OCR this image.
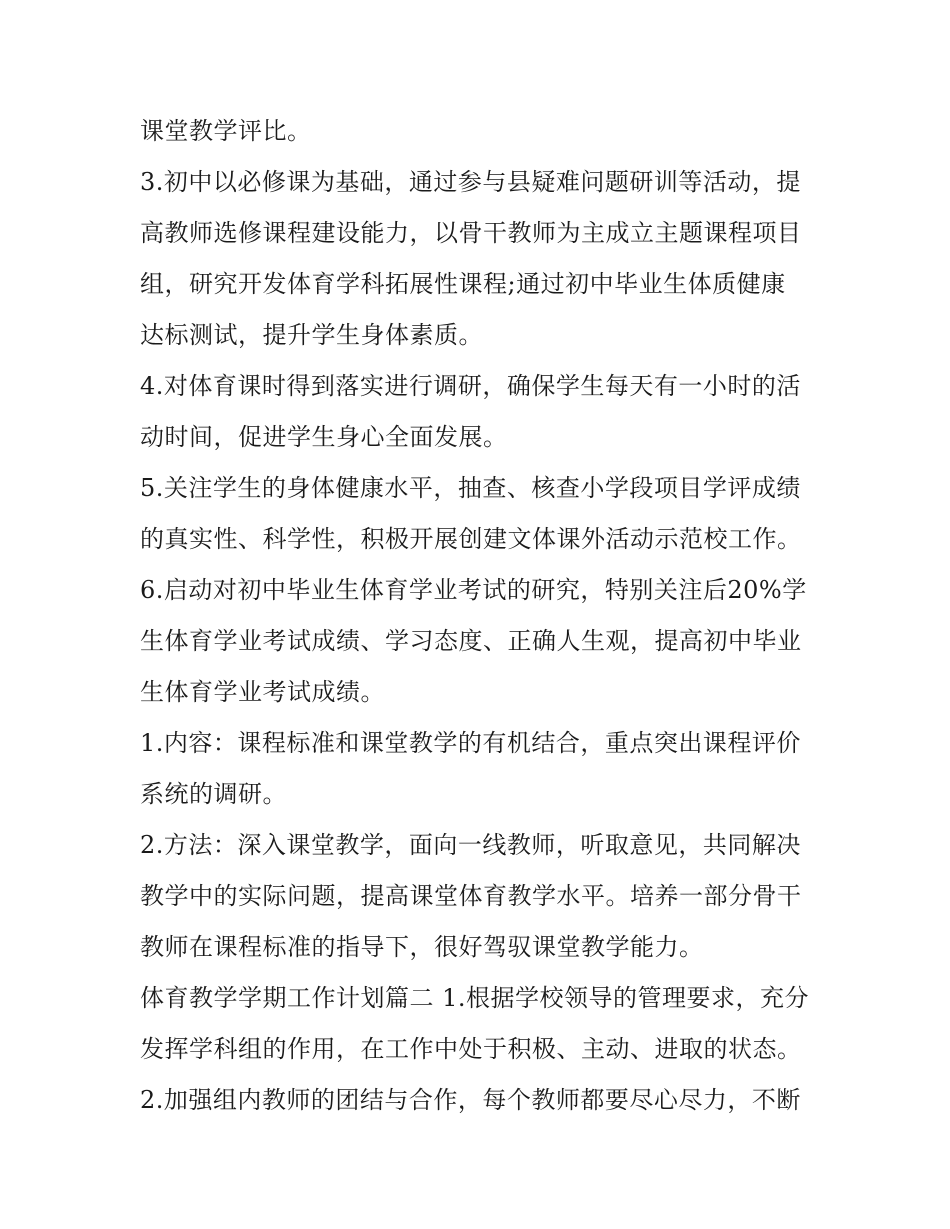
课堂教学评比。
3.初中以必修课为基础，通过参与县疑难问题研训等活动，提
高教师选修课程建设能力，以骨干教师为主成立主题课程项目
组，研究开发体育学科拓展性课程;通过初中毕业生体质健康
达标测试，提升学生身体素质。
4.对体育课时得到落实进行调研，确保学生每天有一小时的活
动时间，促进学生身心全面发展。
5.关注学生的身体健康水平，抽查、核查小学段项目学评成绩
的真实性、科学性，积极开展创建文体课外活动示范校工作。
6.启动对初中毕业生体育学业考试的研究，特别关注后20%学
生体育学业考试成绩、学习态度、正确人生观，提高初中毕业
生体育学业考试成绩。
1.内容：课程标准和课堂教学的有机结合，重点突出课程评价
系统的调研。
2.方法：深入课堂教学，面向一线教师，听取意见，共同解决
教学中的实际问题，提高课堂体育教学水平。培养一部分骨干
教师在课程标准的指导下，很好驾驭课堂教学能力。
体育教学学期工作计划篇二 1.根据学校领导的管理要求，充分
发挥学科组的作用，在工作中处于积极、主动、进取的状态。
2.加强组内教师的团结与合作，每个教师都要尽心尽力，不断
